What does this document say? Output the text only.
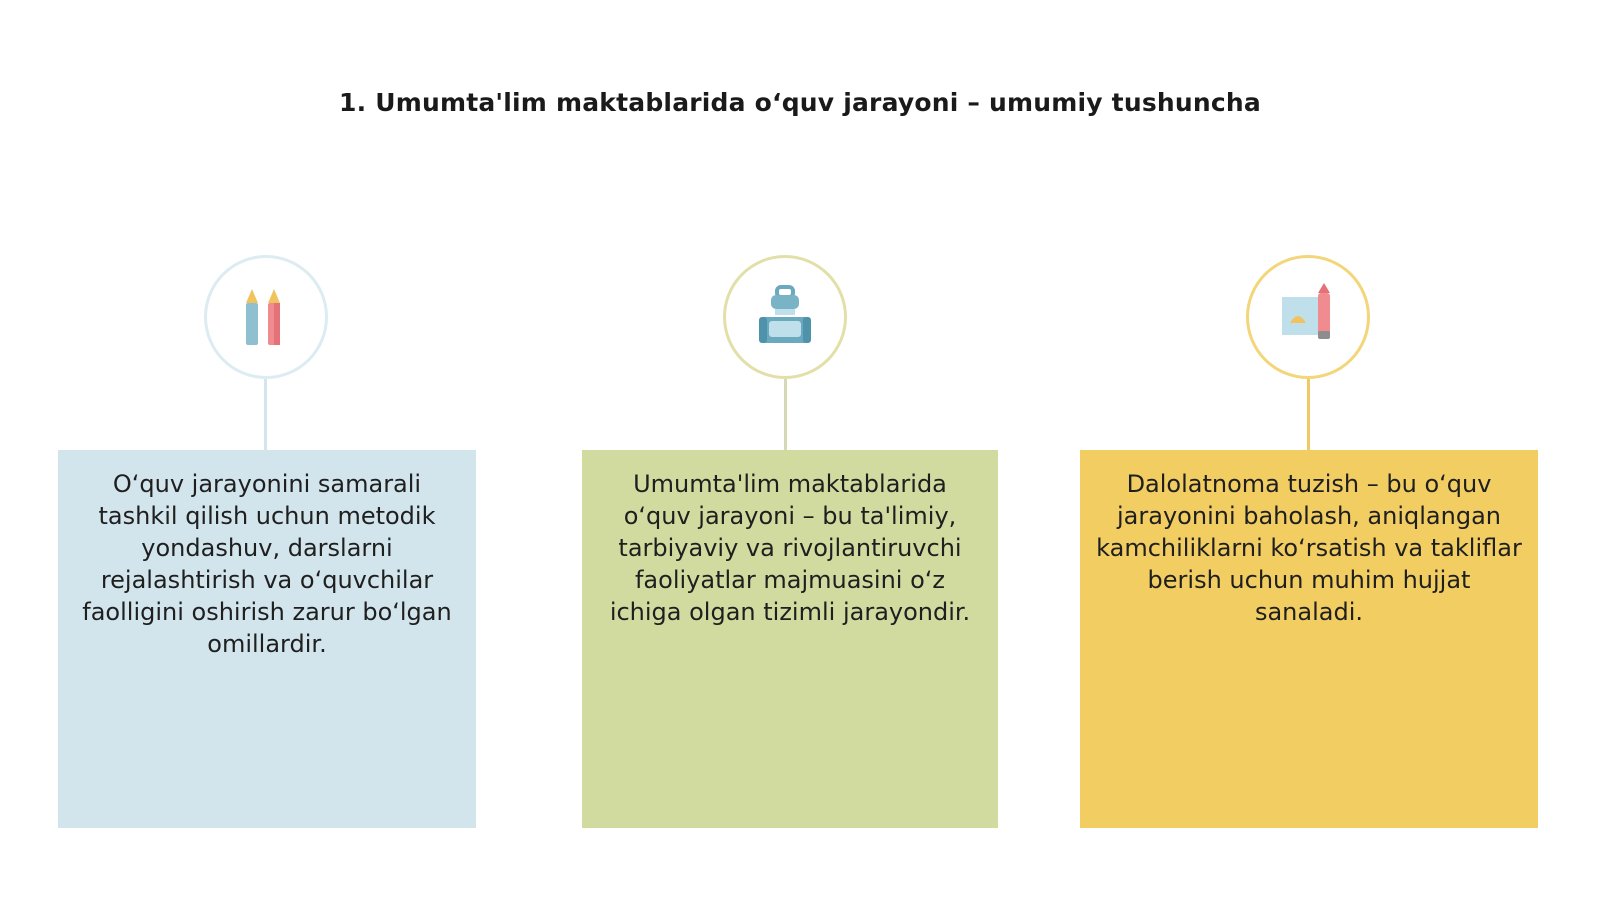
1. Umumta'lim maktablarida o‘quv jarayoni – umumiy tushuncha
O‘quv jarayonini samarali tashkil qilish uchun metodik yondashuv, darslarni rejalashtirish va o‘quvchilar faolligini oshirish zarur bo‘lgan omillardir.
Umumta'lim maktablarida o‘quv jarayoni – bu ta'limiy, tarbiyaviy va rivojlantiruvchi faoliyatlar majmuasini o‘z ichiga olgan tizimli jarayondir.
Dalolatnoma tuzish – bu o‘quv jarayonini baholash, aniqlangan kamchiliklarni ko‘rsatish va takliflar berish uchun muhim hujjat sanaladi.
